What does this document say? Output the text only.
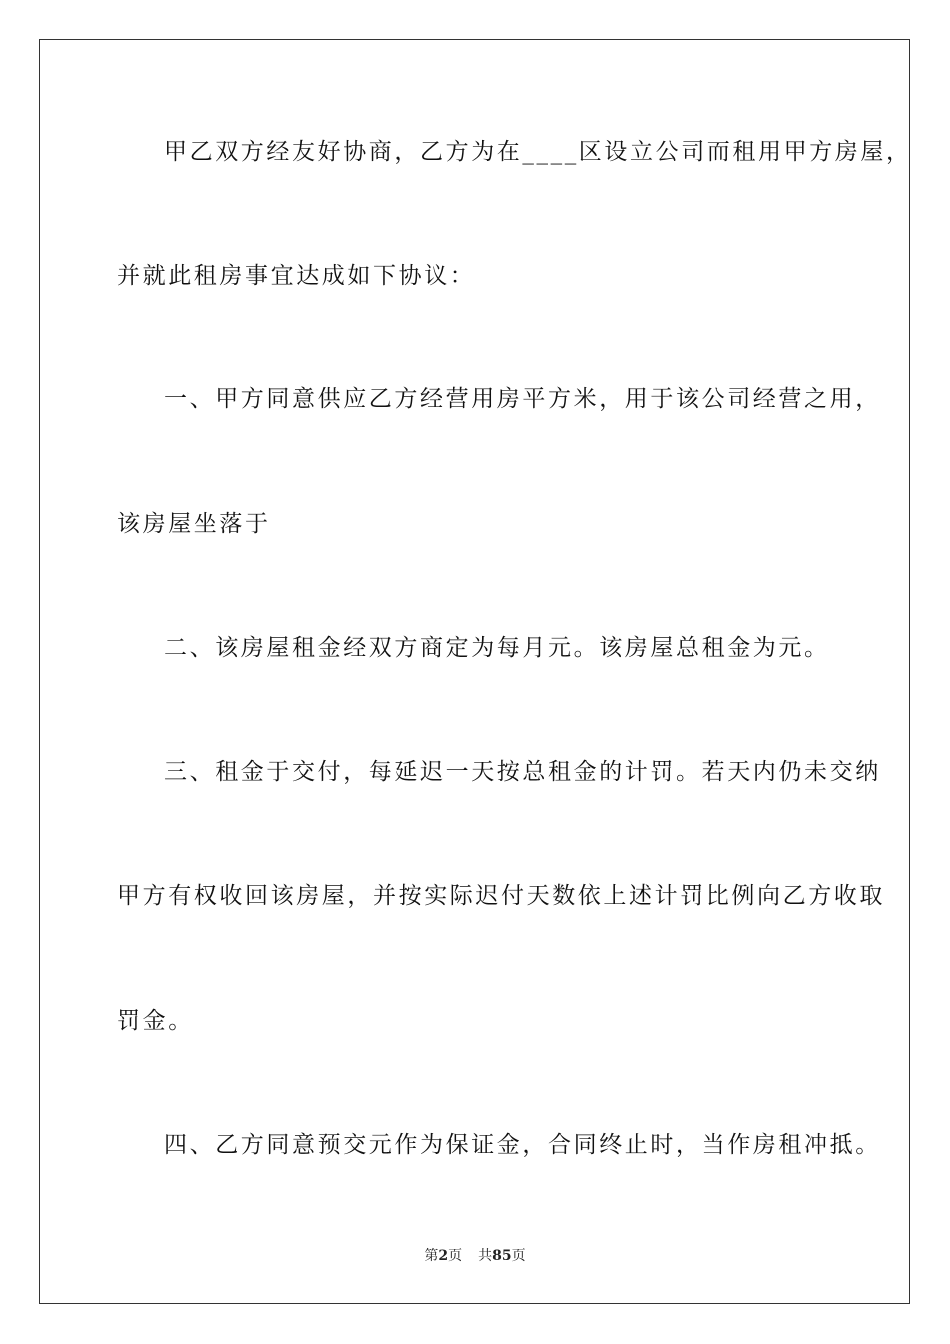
甲乙双方经友好协商，乙方为在____区设立公司而租用甲方房屋，
并就此租房事宜达成如下协议：
一、甲方同意供应乙方经营用房平方米，用于该公司经营之用，
该房屋坐落于
二、该房屋租金经双方商定为每月元。该房屋总租金为元。
三、租金于交付，每延迟一天按总租金的计罚。若天内仍未交纳
甲方有权收回该房屋，并按实际迟付天数依上述计罚比例向乙方收取
罚金。
四、乙方同意预交元作为保证金，合同终止时，当作房租冲抵。
第2页 共85页
